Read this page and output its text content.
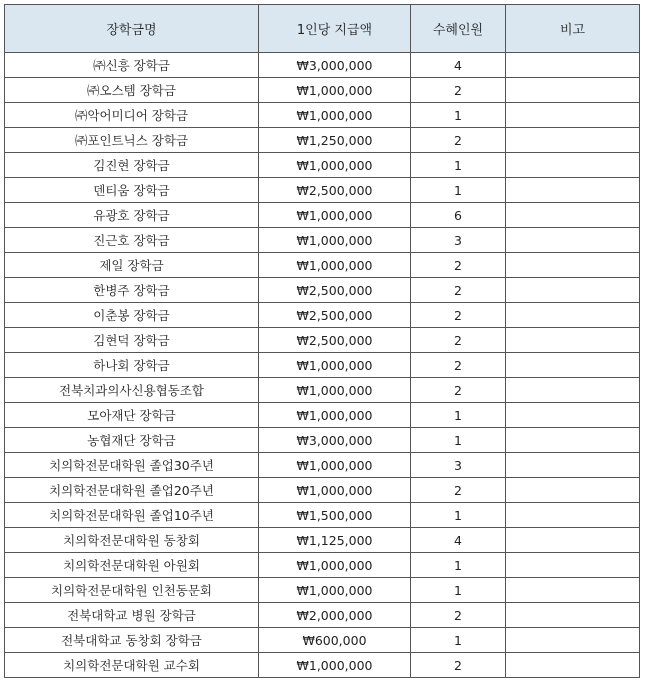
장학금명	1인당 지급액	수혜인원	비고
㈜신흥 장학금	₩3,000,000	4	
㈜오스템 장학금	₩1,000,000	2	
㈜악어미디어 장학금	₩1,000,000	1	
㈜포인트닉스 장학금	₩1,250,000	2	
김진현 장학금	₩1,000,000	1	
덴티움 장학금	₩2,500,000	1	
유광호 장학금	₩1,000,000	6	
진근호 장학금	₩1,000,000	3	
제일 장학금	₩1,000,000	2	
한병주 장학금	₩2,500,000	2	
이춘봉 장학금	₩2,500,000	2	
김현덕 장학금	₩2,500,000	2	
하나회 장학금	₩1,000,000	2	
전북치과의사신용협동조합	₩1,000,000	2	
모아재단 장학금	₩1,000,000	1	
농협재단 장학금	₩3,000,000	1	
치의학전문대학원 졸업30주년	₩1,000,000	3	
치의학전문대학원 졸업20주년	₩1,000,000	2	
치의학전문대학원 졸업10주년	₩1,500,000	1	
치의학전문대학원 동창회	₩1,125,000	4	
치의학전문대학원 아원회	₩1,000,000	1	
치의학전문대학원 인천동문회	₩1,000,000	1	
전북대학교 병원 장학금	₩2,000,000	2	
전북대학교 동창회 장학금	₩600,000	1	
치의학전문대학원 교수회	₩1,000,000	2	
